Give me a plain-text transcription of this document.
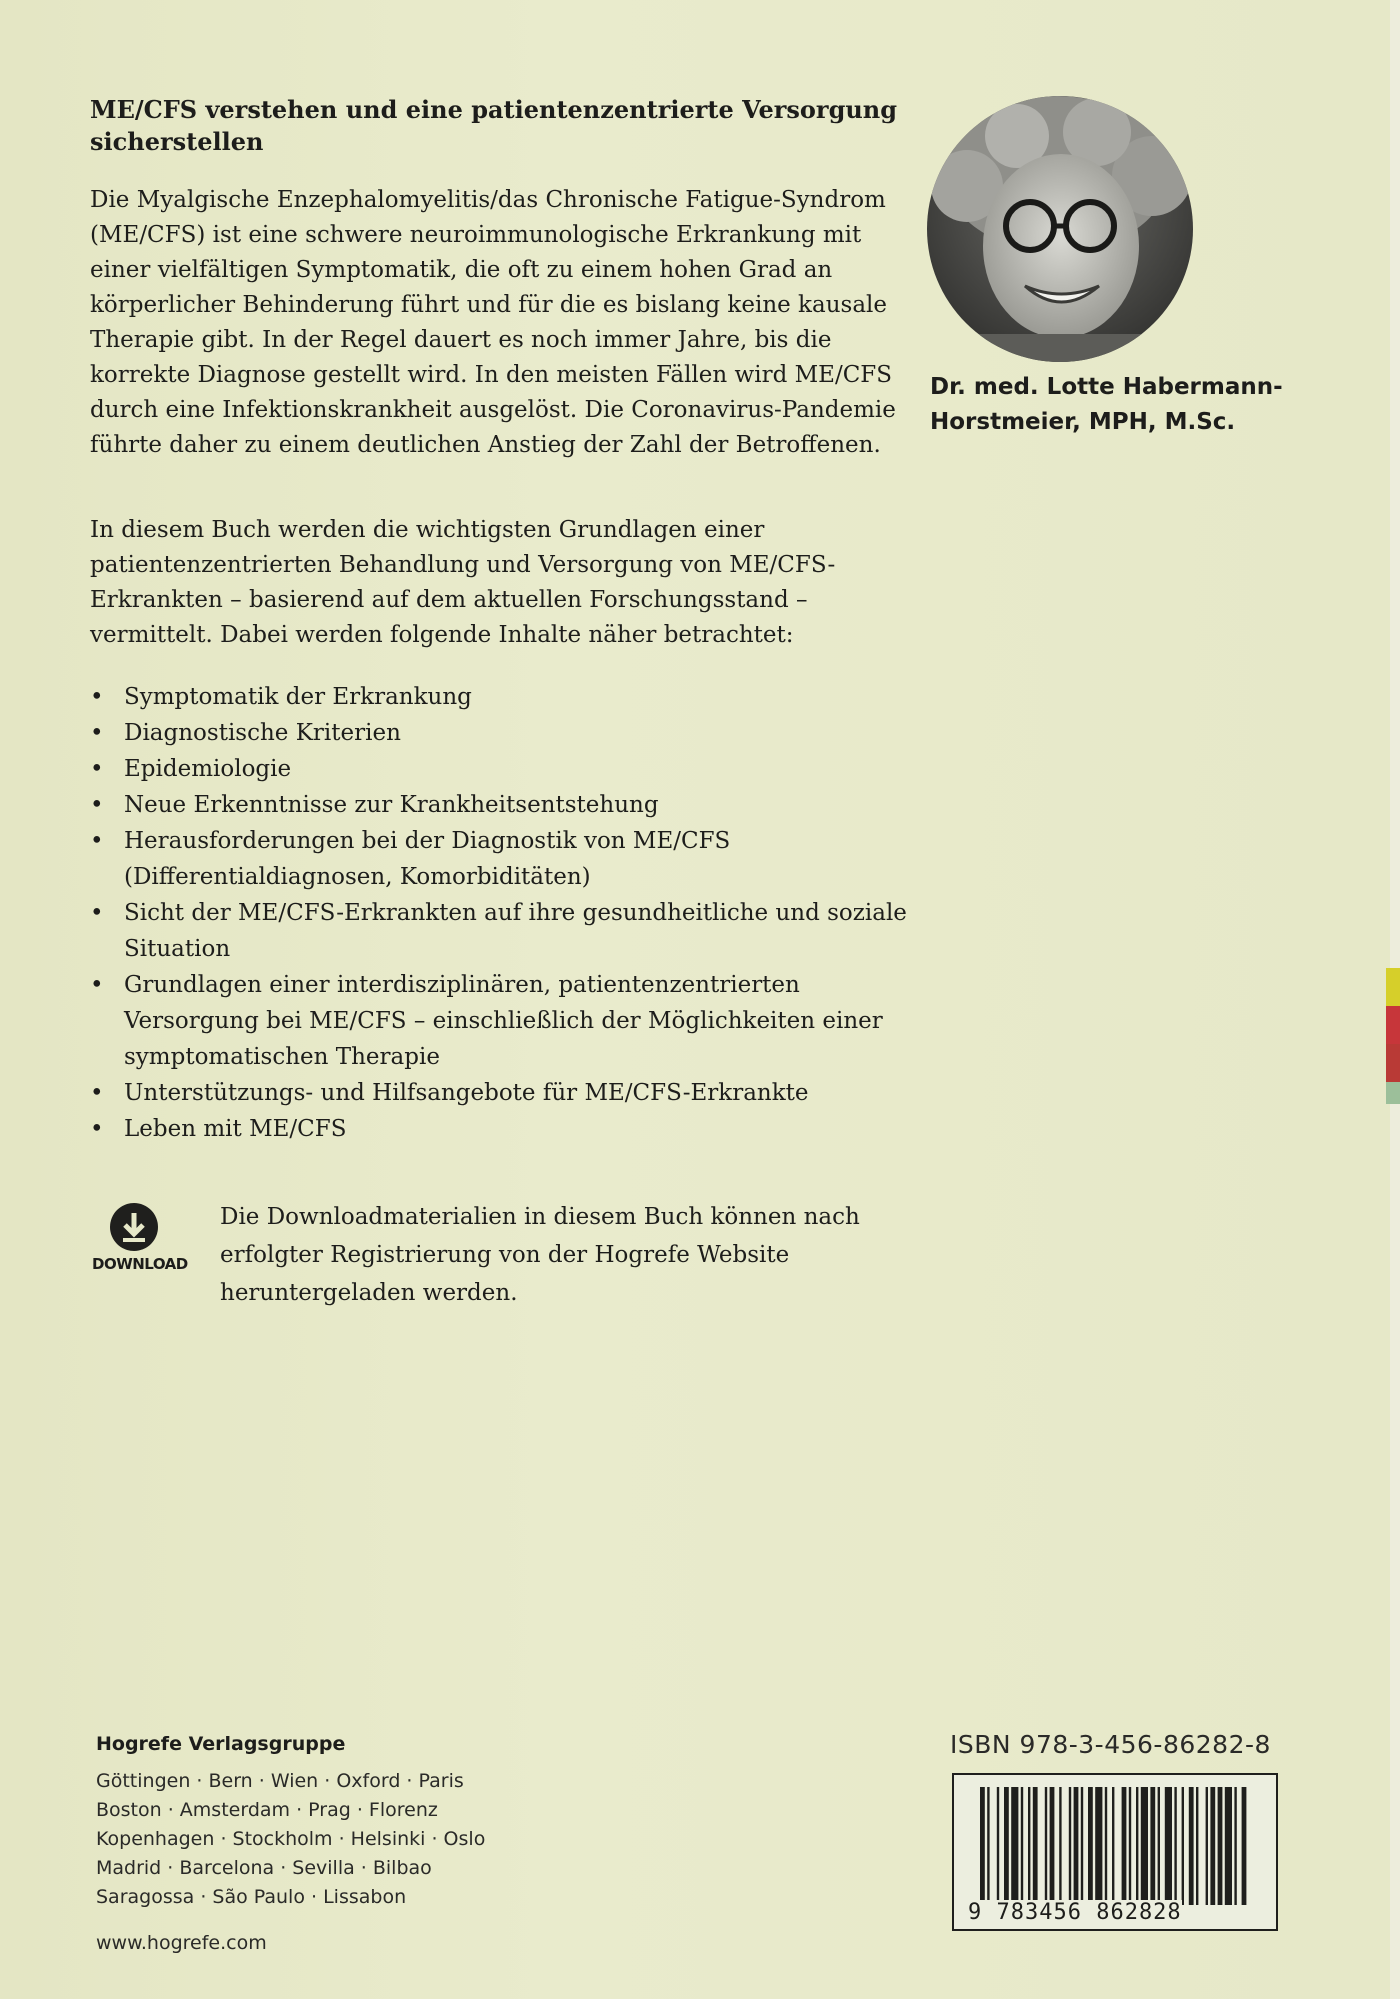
ME/CFS verstehen und eine patientenzentrierte Versorgung sicherstellen
Die Myalgische Enzephalomyelitis/das Chronische Fatigue-Syndrom (ME/CFS) ist eine schwere neuroimmunologische Erkrankung mit einer vielfältigen Symptomatik, die oft zu einem hohen Grad an körperlicher Behinderung führt und für die es bislang keine kausale Therapie gibt. In der Regel dauert es noch immer Jahre, bis die korrekte Diagnose gestellt wird. In den meisten Fällen wird ME/CFS durch eine Infektionskrankheit ausgelöst. Die Coronavirus-Pandemie führte daher zu einem deutlichen Anstieg der Zahl der Betroffenen.
In diesem Buch werden die wichtigsten Grundlagen einer patientenzentrierten Behandlung und Versorgung von ME/CFS-Erkrankten – basierend auf dem aktuellen Forschungsstand – vermittelt. Dabei werden folgende Inhalte näher betrachtet:
• Symptomatik der Erkrankung
• Diagnostische Kriterien
• Epidemiologie
• Neue Erkenntnisse zur Krankheitsentstehung
• Herausforderungen bei der Diagnostik von ME/CFS (Differentialdiagnosen, Komorbiditäten)
• Sicht der ME/CFS-Erkrankten auf ihre gesundheitliche und soziale Situation
• Grundlagen einer interdisziplinären, patientenzentrierten Versorgung bei ME/CFS – einschließlich der Möglichkeiten einer symptomatischen Therapie
• Unterstützungs- und Hilfsangebote für ME/CFS-Erkrankte
• Leben mit ME/CFS
Dr. med. Lotte Habermann-
Horstmeier, MPH, M.Sc.
DOWNLOAD
Die Downloadmaterialien in diesem Buch können nach erfolgter Registrierung von der Hogrefe Website heruntergeladen werden.
Hogrefe Verlagsgruppe
Göttingen · Bern · Wien · Oxford · Paris
Boston · Amsterdam · Prag · Florenz
Kopenhagen · Stockholm · Helsinki · Oslo
Madrid · Barcelona · Sevilla · Bilbao
Saragossa · São Paulo · Lissabon
www.hogrefe.com
ISBN 978-3-456-86282-8
9 783456 862828
